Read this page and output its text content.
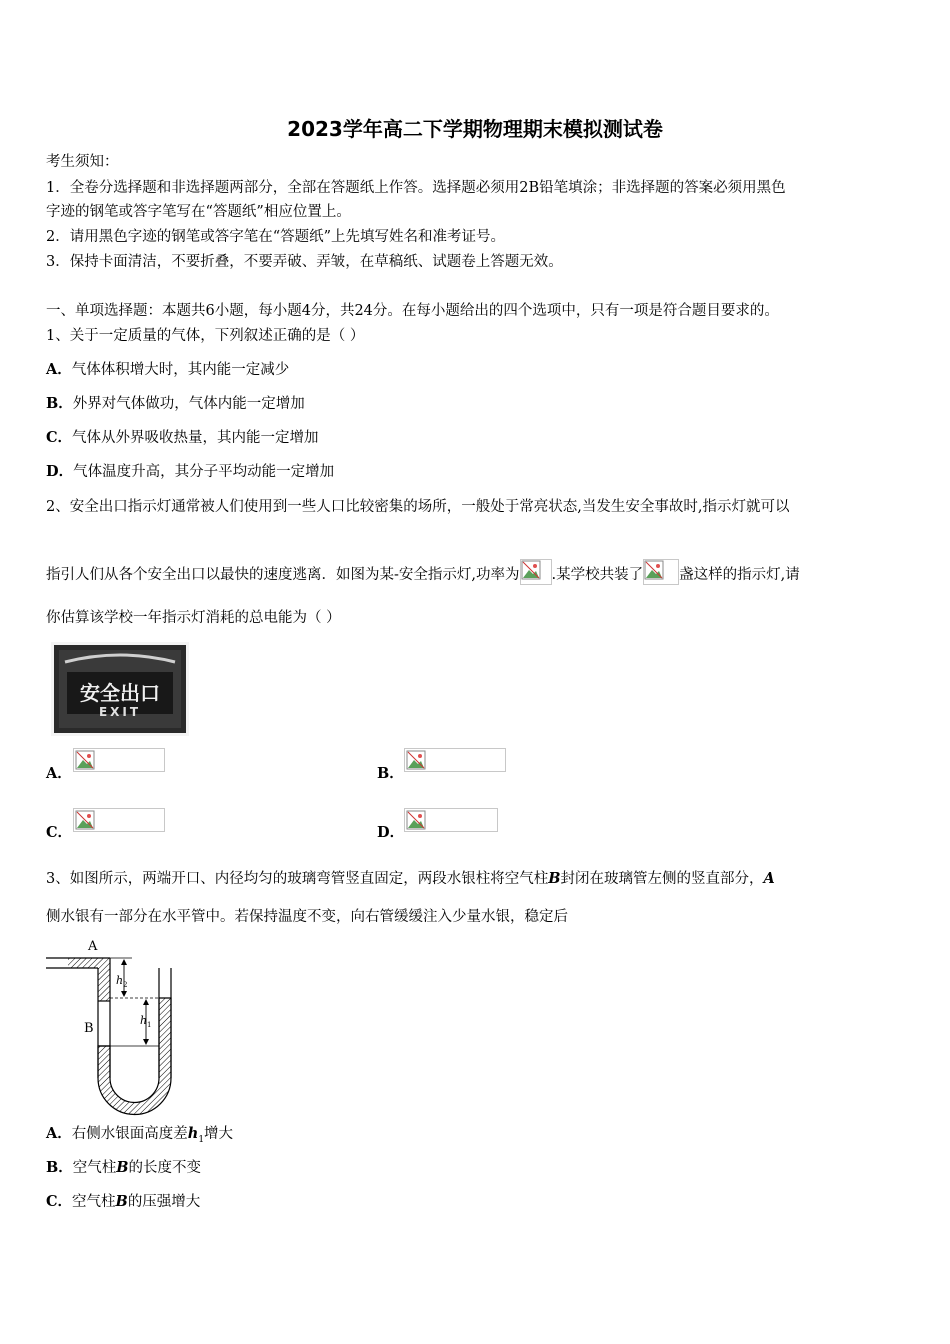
2023学年高二下学期物理期末模拟测试卷
考生须知：
1．全卷分选择题和非选择题两部分，全部在答题纸上作答。选择题必须用2B铅笔填涂；非选择题的答案必须用黑色
字迹的钢笔或答字笔写在“答题纸”相应位置上。
2．请用黑色字迹的钢笔或答字笔在“答题纸”上先填写姓名和准考证号。
3．保持卡面清洁，不要折叠，不要弄破、弄皱，在草稿纸、试题卷上答题无效。
一、单项选择题：本题共6小题，每小题4分，共24分。在每小题给出的四个选项中，只有一项是符合题目要求的。
1、关于一定质量的气体，下列叙述正确的是（ ）
A．气体体积增大时，其内能一定减少
B．外界对气体做功，气体内能一定增加
C．气体从外界吸收热量，其内能一定增加
D．气体温度升高，其分子平均动能一定增加
2、安全出口指示灯通常被人们使用到一些人口比较密集的场所，一般处于常亮状态,当发生安全事故时,指示灯就可以
指引人们从各个安全出口以最快的速度逃离．如图为某-安全指示灯,功率为 .某学校共装了 盏这样的指示灯,请
你估算该学校一年指示灯消耗的总电能为（ ）
安全出口
EXIT
A．	B．
C．	D．
3、如图所示，两端开口、内径均匀的玻璃弯管竖直固定，两段水银柱将空气柱B封闭在玻璃管左侧的竖直部分，A
侧水银有一部分在水平管中。若保持温度不变，向右管缓缓注入少量水银，稳定后
A
B
h 2
h 1
A．右侧水银面高度差$h_1$增大
B．空气柱B的长度不变
C．空气柱B的压强增大
